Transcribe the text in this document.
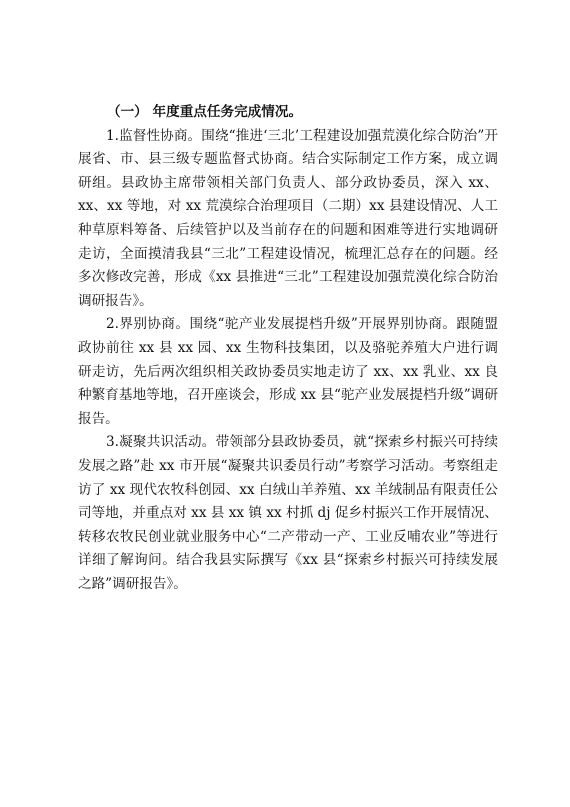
（一） 年度重点任务完成情况。

1.监督性协商。围绕“推进‘三北’工程建设加强荒漠化综合防治”开展省、市、县三级专题监督式协商。结合实际制定工作方案，成立调研组。县政协主席带领相关部门负责人、部分政协委员，深入 xx、xx、xx 等地，对 xx 荒漠综合治理项目（二期）xx 县建设情况、人工种草原料筹备、后续管护以及当前存在的问题和困难等进行实地调研走访，全面摸清我县“三北”工程建设情况，梳理汇总存在的问题。经多次修改完善，形成《xx 县推进“三北”工程建设加强荒漠化综合防治调研报告》。

2.界别协商。围绕“驼产业发展提档升级”开展界别协商。跟随盟政协前往 xx 县 xx 园、xx 生物科技集团，以及骆驼养殖大户进行调研走访，先后两次组织相关政协委员实地走访了 xx、xx 乳业、xx 良种繁育基地等地，召开座谈会，形成 xx 县“驼产业发展提档升级”调研报告。

3.凝聚共识活动。带领部分县政协委员，就“探索乡村振兴可持续发展之路”赴 xx 市开展“凝聚共识委员行动”考察学习活动。考察组走访了 xx 现代农牧科创园、xx 白绒山羊养殖、xx 羊绒制品有限责任公司等地，并重点对 xx 县 xx 镇 xx 村抓 dj 促乡村振兴工作开展情况、转移农牧民创业就业服务中心“二产带动一产、工业反哺农业”等进行详细了解询问。结合我县实际撰写《xx 县“探索乡村振兴可持续发展之路”调研报告》。
